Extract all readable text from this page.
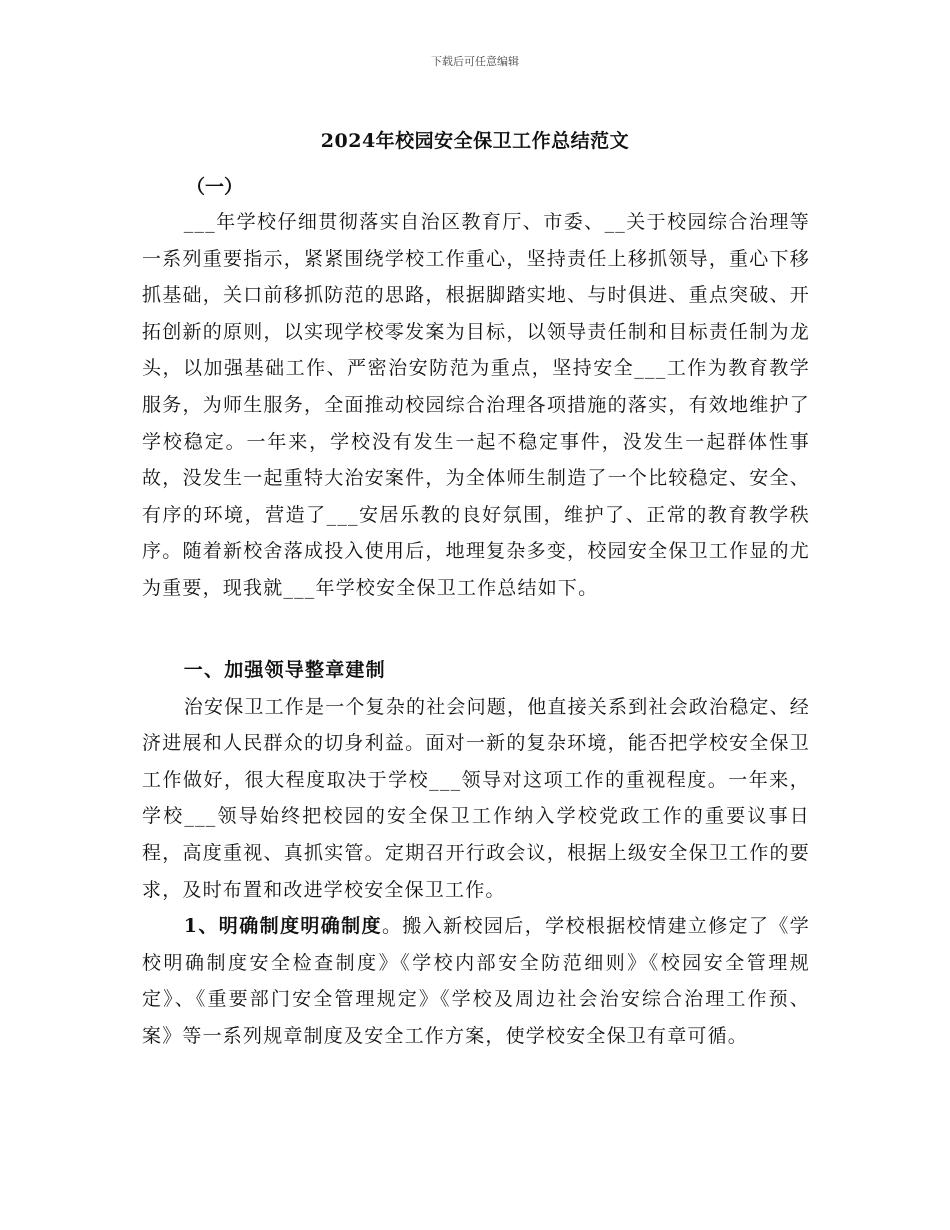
下载后可任意编辑
2024年校园安全保卫工作总结范文
（一）

___年学校仔细贯彻落实自治区教育厅、市委、__关于校园综合治理等一系列重要指示，紧紧围绕学校工作重心，坚持责任上移抓领导，重心下移抓基础，关口前移抓防范的思路，根据脚踏实地、与时俱进、重点突破、开拓创新的原则，以实现学校零发案为目标，以领导责任制和目标责任制为龙头，以加强基础工作、严密治安防范为重点，坚持安全___工作为教育教学服务，为师生服务，全面推动校园综合治理各项措施的落实，有效地维护了学校稳定。一年来，学校没有发生一起不稳定事件，没发生一起群体性事故，没发生一起重特大治安案件，为全体师生制造了一个比较稳定、安全、有序的环境，营造了___安居乐教的良好氛围，维护了、正常的教育教学秩序。随着新校舍落成投入使用后，地理复杂多变，校园安全保卫工作显的尤为重要，现我就___年学校安全保卫工作总结如下。

一、加强领导整章建制

治安保卫工作是一个复杂的社会问题，他直接关系到社会政治稳定、经济进展和人民群众的切身利益。面对一新的复杂环境，能否把学校安全保卫工作做好，很大程度取决于学校___领导对这项工作的重视程度。一年来，学校___领导始终把校园的安全保卫工作纳入学校党政工作的重要议事日程，高度重视、真抓实管。定期召开行政会议，根据上级安全保卫工作的要求，及时布置和改进学校安全保卫工作。

1、明确制度明确制度。搬入新校园后，学校根据校情建立修定了《学校明确制度安全检查制度》《学校内部安全防范细则》《校园安全管理规定》、《重要部门安全管理规定》《学校及周边社会治安综合治理工作预、案》等一系列规章制度及安全工作方案，使学校安全保卫有章可循。
